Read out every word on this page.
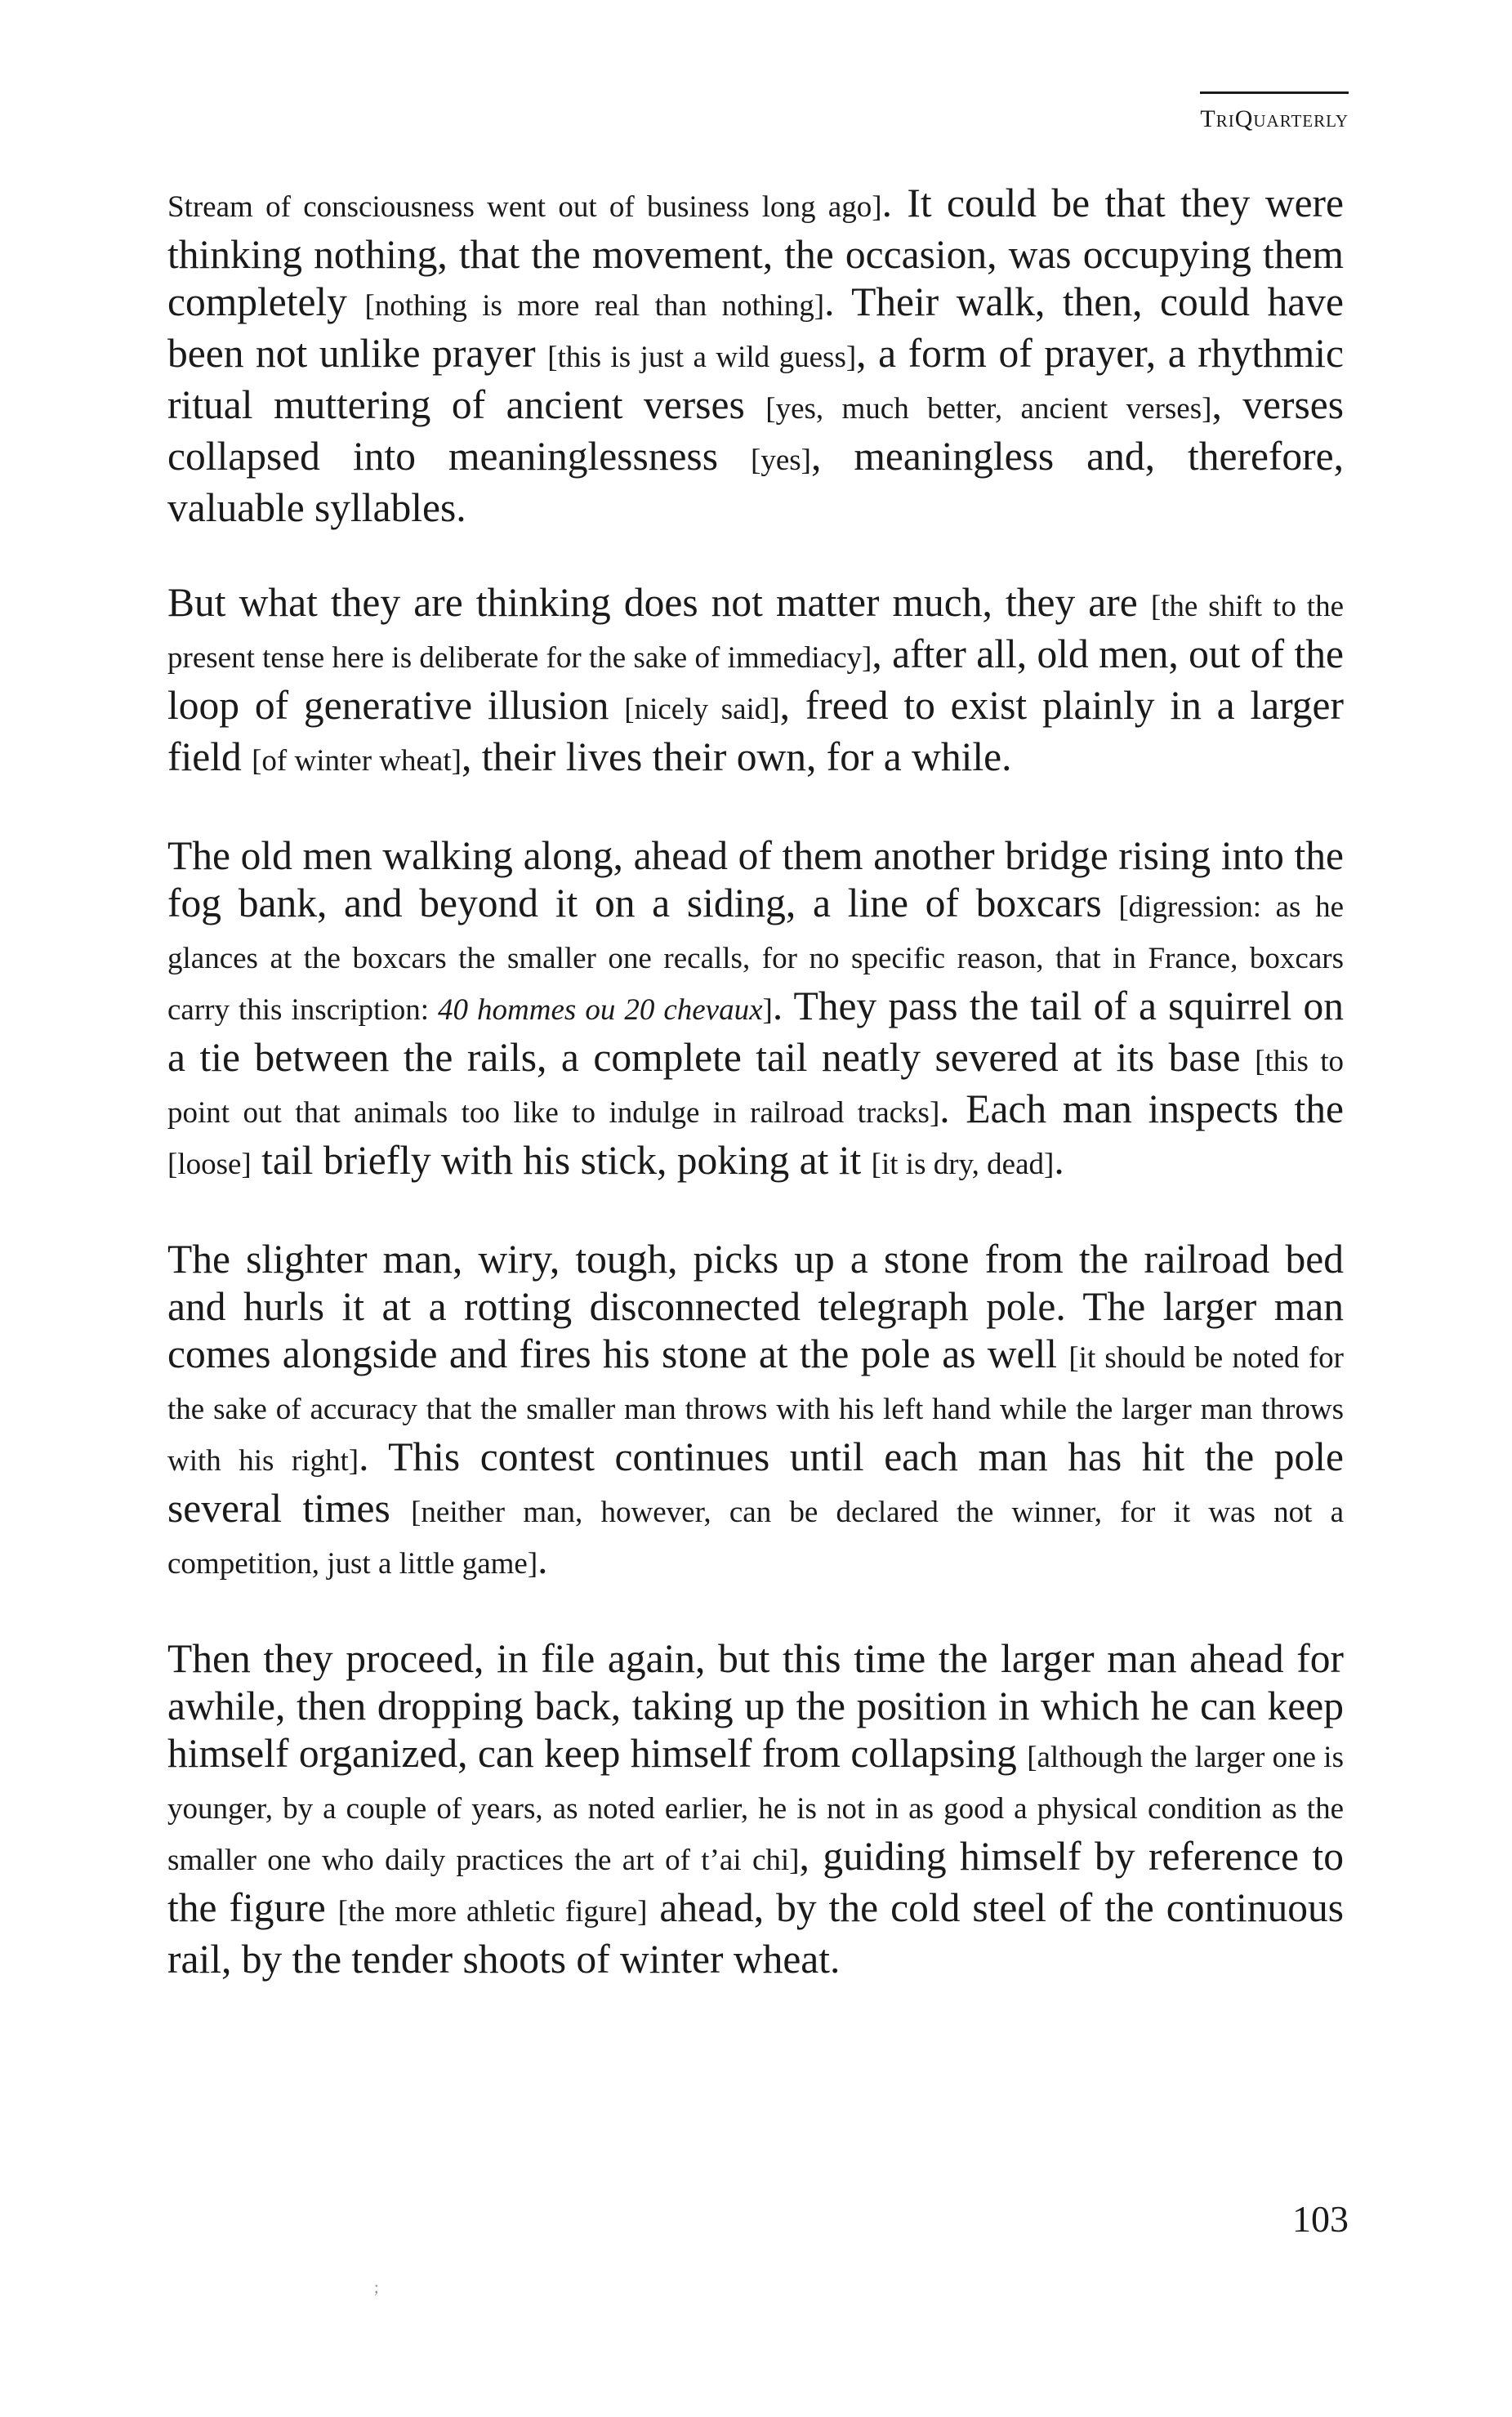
TriQuarterly

Stream of consciousness went out of business long ago]. It could be that they were thinking nothing, that the movement, the occasion, was occupying them completely [nothing is more real than nothing]. Their walk, then, could have been not unlike prayer [this is just a wild guess], a form of prayer, a rhythmic ritual muttering of ancient verses [yes, much better, ancient verses], verses collapsed into meaninglessness [yes], meaningless and, therefore, valuable syllables.

But what they are thinking does not matter much, they are [the shift to the present tense here is deliberate for the sake of immediacy], after all, old men, out of the loop of generative illusion [nicely said], freed to exist plainly in a larger field [of winter wheat], their lives their own, for a while.

The old men walking along, ahead of them another bridge rising into the fog bank, and beyond it on a siding, a line of boxcars [digression: as he glances at the boxcars the smaller one recalls, for no specific reason, that in France, boxcars carry this inscription: 40 hommes ou 20 chevaux]. They pass the tail of a squirrel on a tie between the rails, a complete tail neatly severed at its base [this to point out that animals too like to indulge in railroad tracks]. Each man inspects the [loose] tail briefly with his stick, poking at it [it is dry, dead].

The slighter man, wiry, tough, picks up a stone from the railroad bed and hurls it at a rotting disconnected telegraph pole. The larger man comes alongside and fires his stone at the pole as well [it should be noted for the sake of accuracy that the smaller man throws with his left hand while the larger man throws with his right]. This contest continues until each man has hit the pole several times [neither man, however, can be declared the winner, for it was not a competition, just a little game].

Then they proceed, in file again, but this time the larger man ahead for awhile, then dropping back, taking up the position in which he can keep himself organized, can keep himself from collapsing [although the larger one is younger, by a couple of years, as noted earlier, he is not in as good a physical condition as the smaller one who daily practices the art of t’ai chi], guiding himself by reference to the figure [the more athletic figure] ahead, by the cold steel of the continuous rail, by the tender shoots of winter wheat.

103
;
